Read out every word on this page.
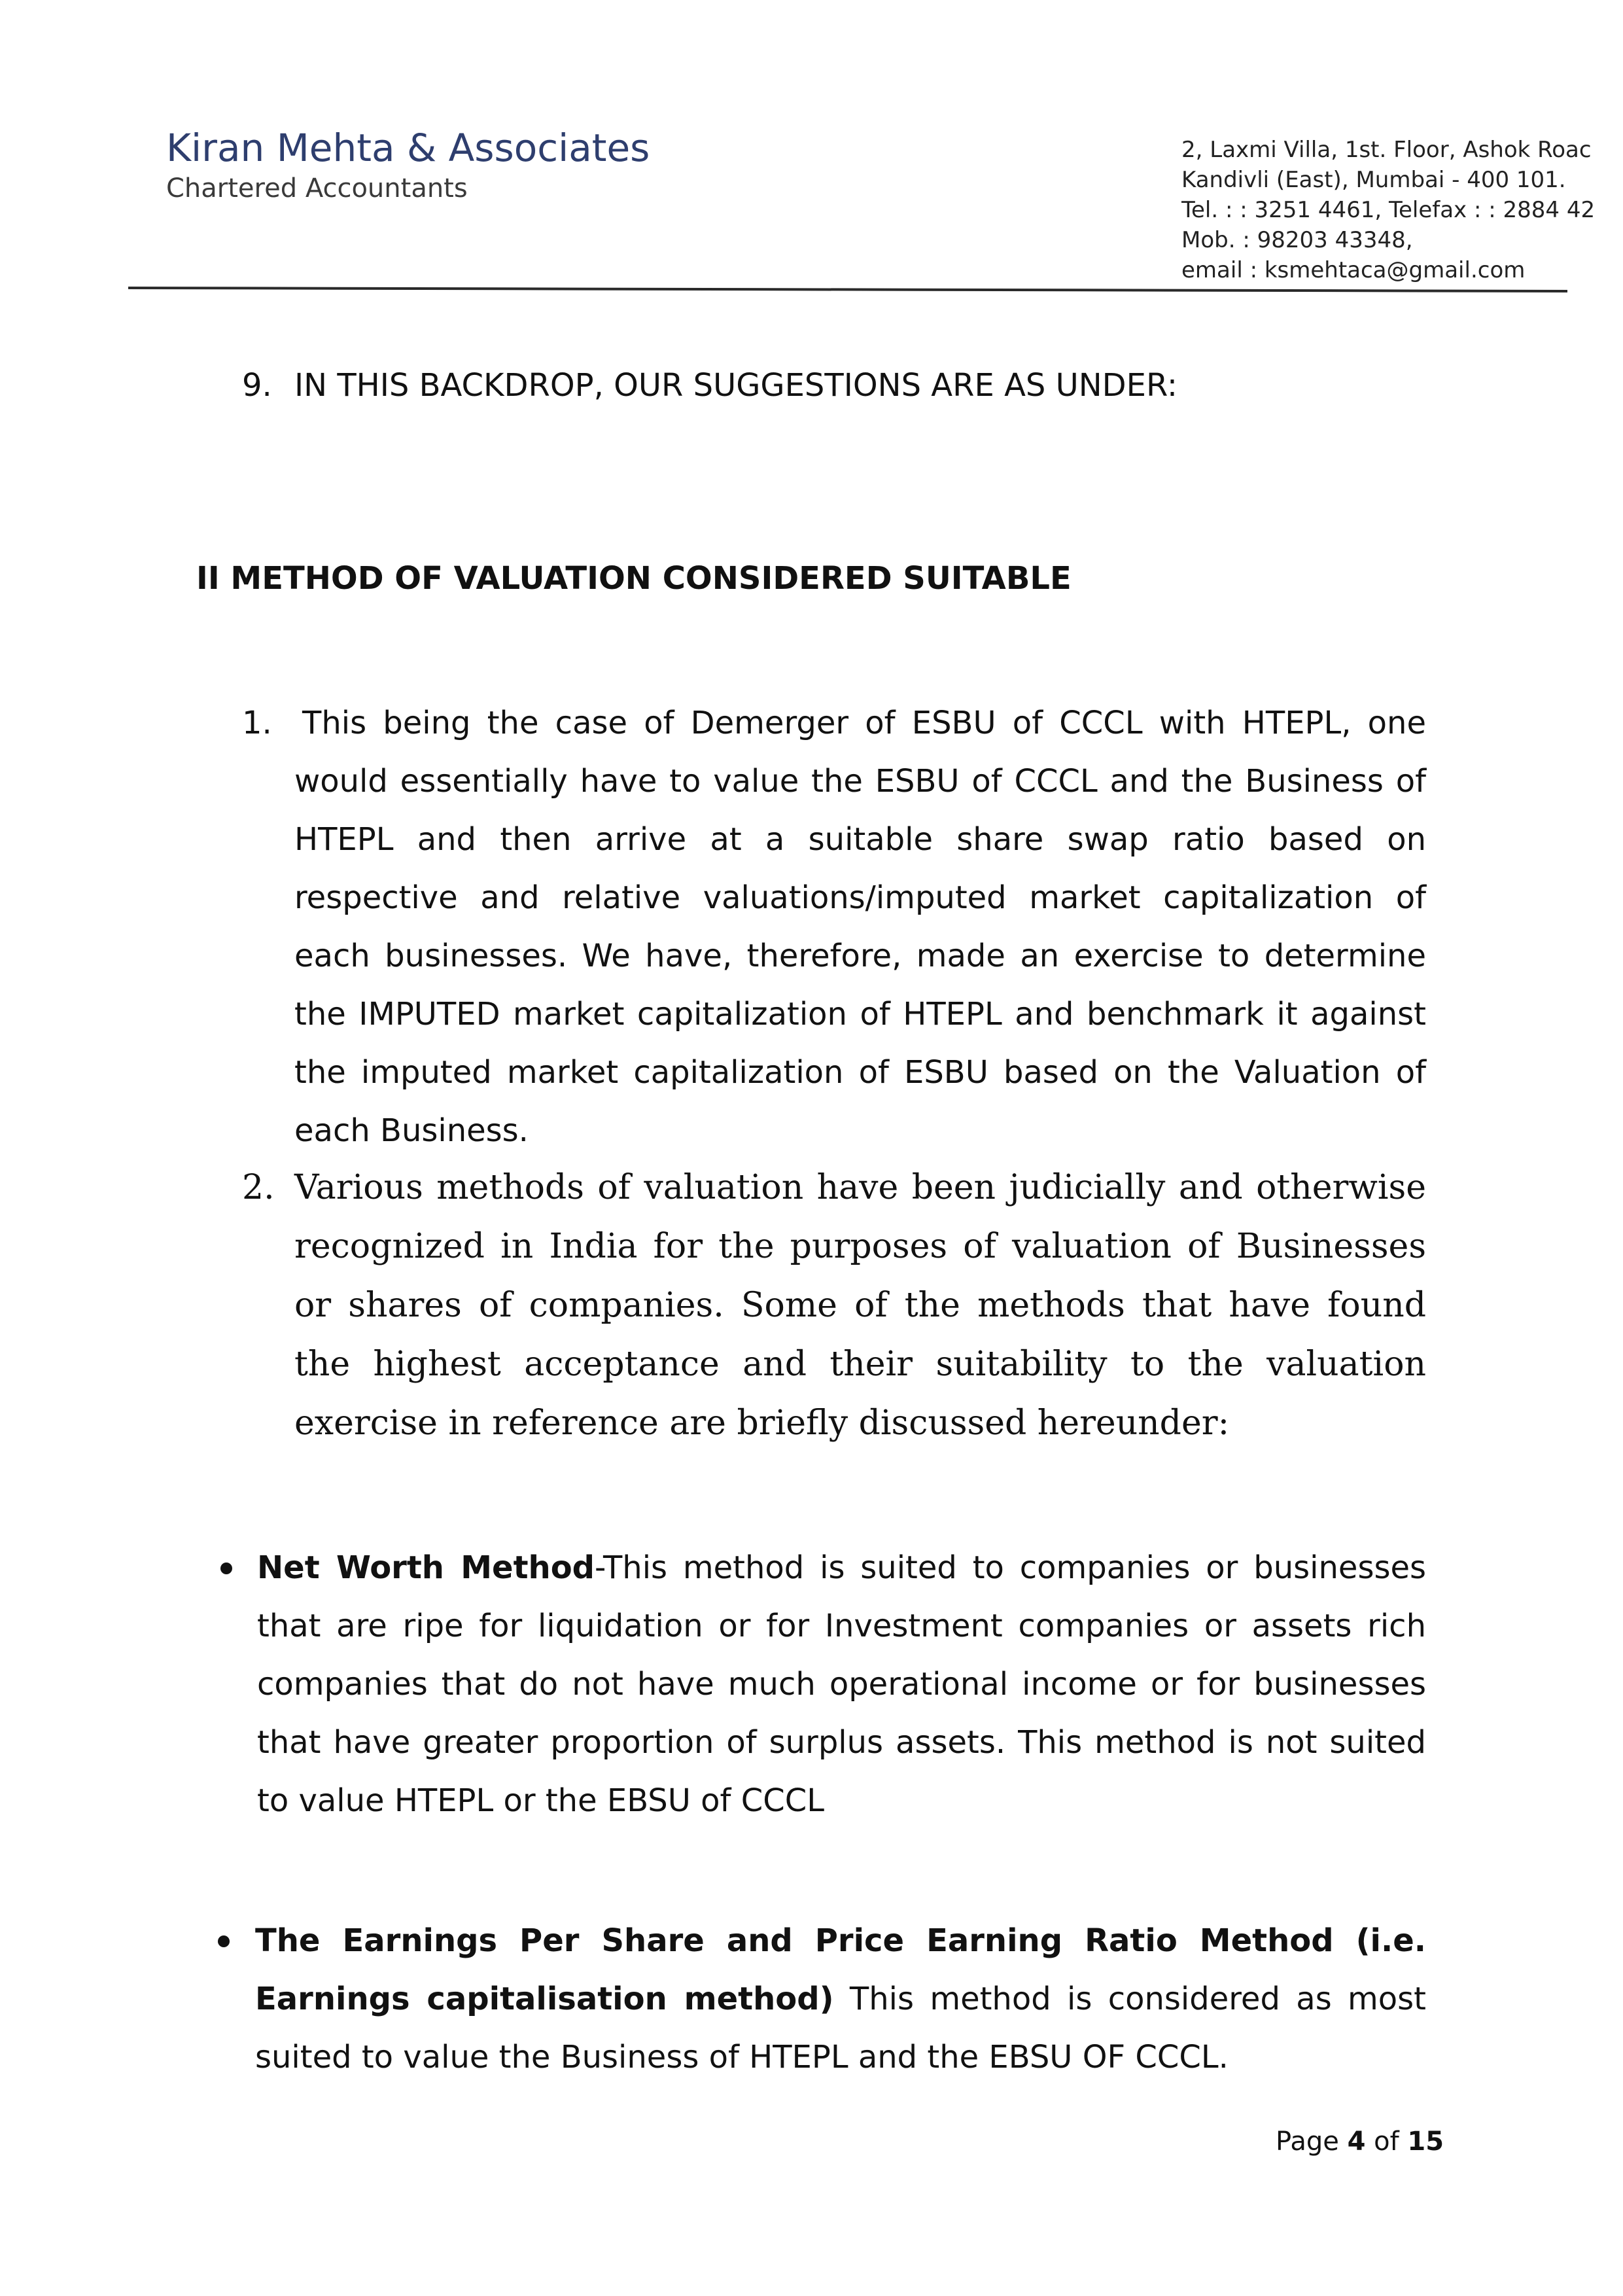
Kiran Mehta & Associates
Chartered Accountants
2, Laxmi Villa, 1st. Floor, Ashok Roac
Kandivli (East), Mumbai - 400 101.
Tel. : : 3251 4461, Telefax : : 2884 42
Mob. : 98203 43348,
email : ksmehtaca@gmail.com
9. IN THIS BACKDROP, OUR SUGGESTIONS ARE AS UNDER:
II METHOD OF VALUATION CONSIDERED SUITABLE
1. This being the case of Demerger of ESBU of CCCL with HTEPL, one would essentially have to value the ESBU of CCCL and the Business of HTEPL and then arrive at a suitable share swap ratio based on respective and relative valuations/imputed market capitalization of each businesses. We have, therefore, made an exercise to determine the IMPUTED market capitalization of HTEPL and benchmark it against the imputed market capitalization of ESBU based on the Valuation of each Business.
2. Various methods of valuation have been judicially and otherwise recognized in India for the purposes of valuation of Businesses or shares of companies. Some of the methods that have found the highest acceptance and their suitability to the valuation exercise in reference are briefly discussed hereunder:
Net Worth Method-This method is suited to companies or businesses that are ripe for liquidation or for Investment companies or assets rich companies that do not have much operational income or for businesses that have greater proportion of surplus assets. This method is not suited to value HTEPL or the EBSU of CCCL
The Earnings Per Share and Price Earning Ratio Method (i.e. Earnings capitalisation method) This method is considered as most suited to value the Business of HTEPL and the EBSU OF CCCL.
Page 4 of 15
